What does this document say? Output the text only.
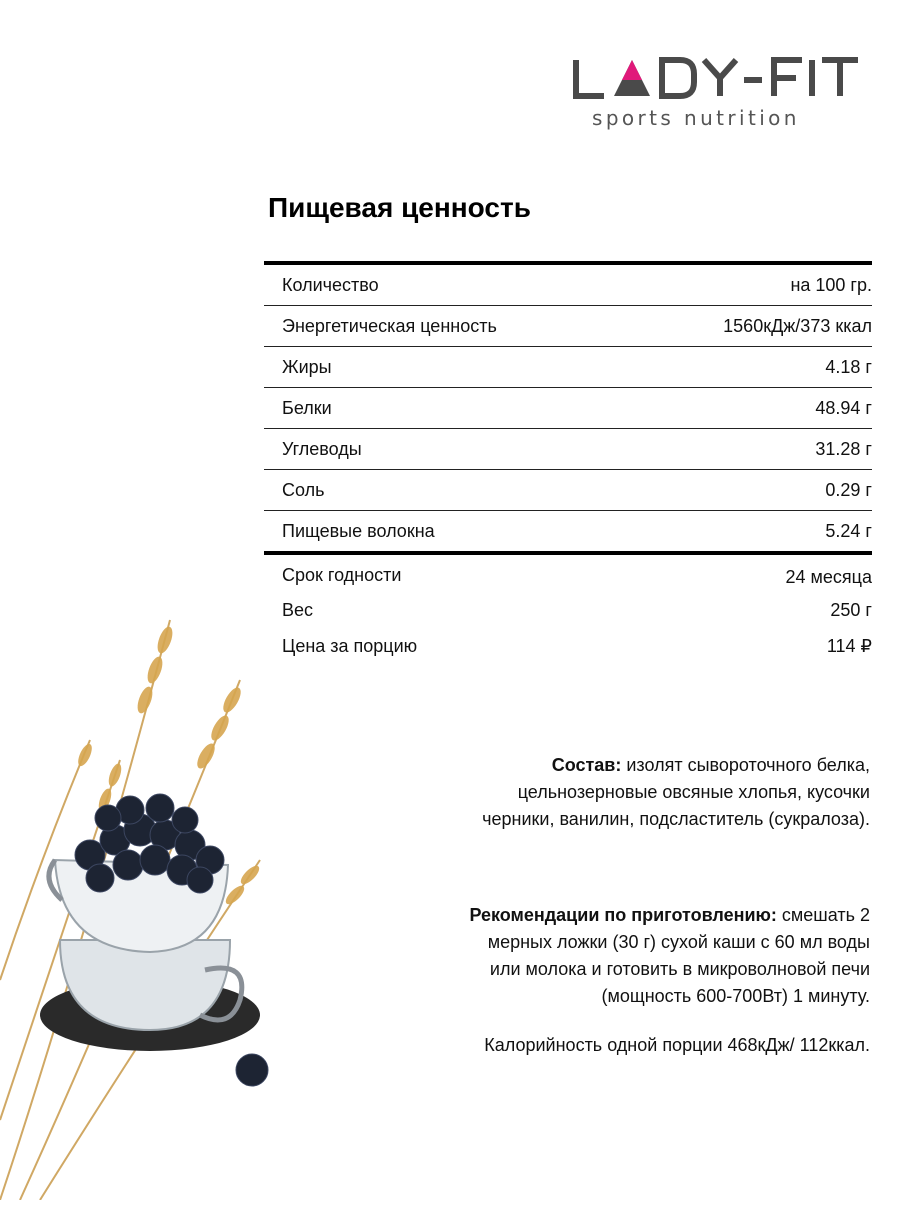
sports nutrition
Пищевая ценность
Количество	на 100 гр.
Энергетическая ценность	1560кДж/373 ккал
Жиры	4.18 г
Белки	48.94 г
Углеводы	31.28 г
Соль	0.29 г
Пищевые волокна	5.24 г
Срок годности	24 месяца
Вес	250 г
Цена за порцию	114 ₽
Состав: изолят сывороточного белка,
цельнозерновые овсяные хлопья, кусочки
черники, ванилин, подсластитель (сукралоза).
Рекомендации по приготовлению: смешать 2
мерных ложки (30 г) сухой каши с 60 мл воды
или молока и готовить в микроволновой печи
(мощность 600-700Вт) 1 минуту.
Калорийность одной порции 468кДж/ 112ккал.
